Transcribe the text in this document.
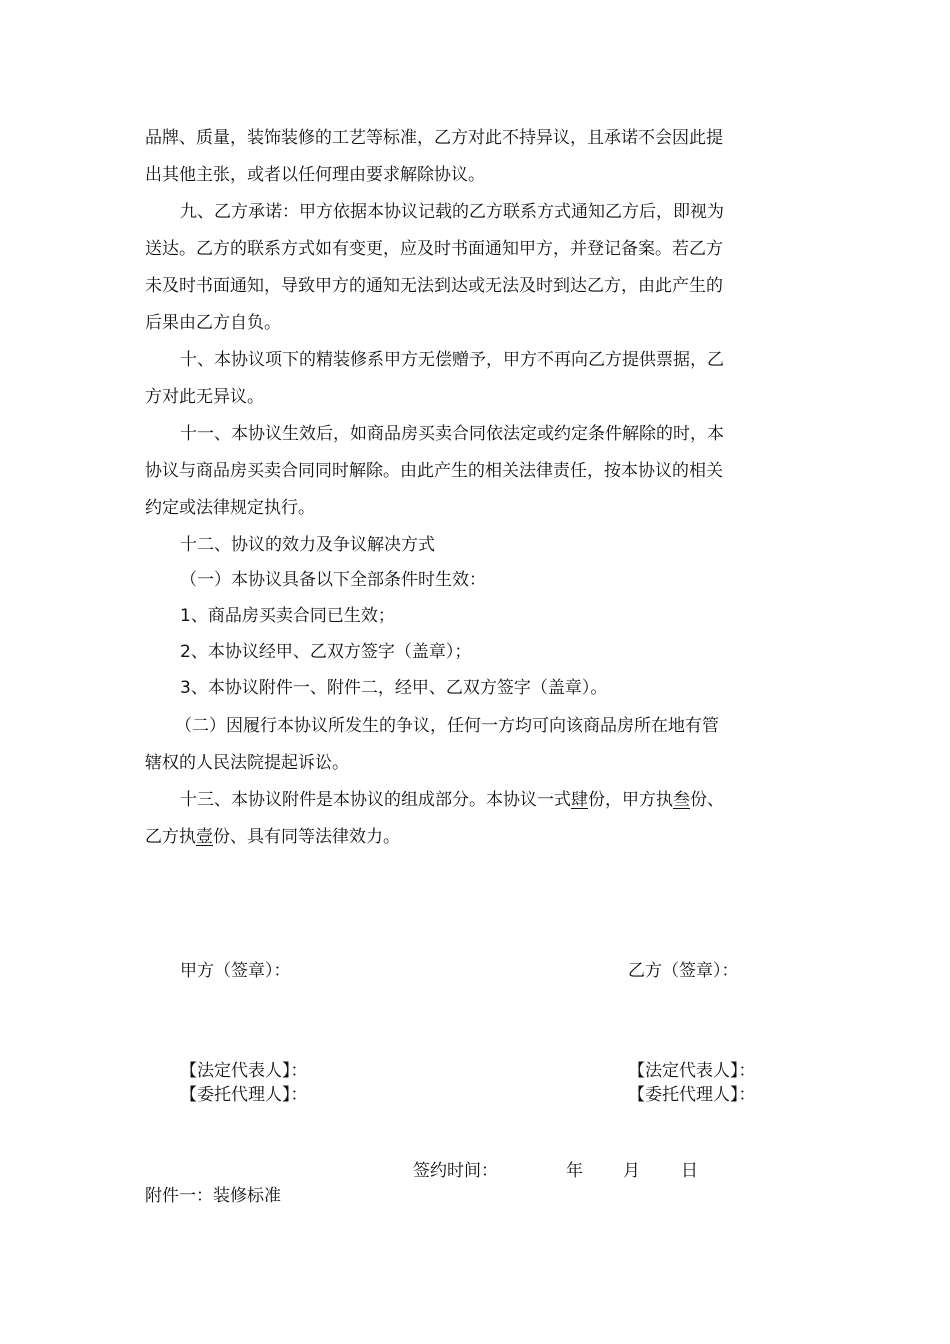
品牌、质量，装饰装修的工艺等标准，乙方对此不持异议，且承诺不会因此提
出其他主张，或者以任何理由要求解除协议。
九、乙方承诺：甲方依据本协议记载的乙方联系方式通知乙方后，即视为
送达。乙方的联系方式如有变更，应及时书面通知甲方，并登记备案。若乙方
未及时书面通知，导致甲方的通知无法到达或无法及时到达乙方，由此产生的
后果由乙方自负。
十、本协议项下的精装修系甲方无偿赠予，甲方不再向乙方提供票据，乙
方对此无异议。
十一、本协议生效后，如商品房买卖合同依法定或约定条件解除的时，本
协议与商品房买卖合同同时解除。由此产生的相关法律责任，按本协议的相关
约定或法律规定执行。
十二、协议的效力及争议解决方式
（一）本协议具备以下全部条件时生效：
1、商品房买卖合同已生效；
2、本协议经甲、乙双方签字（盖章）；
3、本协议附件一、附件二，经甲、乙双方签字（盖章）。
（二）因履行本协议所发生的争议，任何一方均可向该商品房所在地有管
辖权的人民法院提起诉讼。
十三、本协议附件是本协议的组成部分。本协议一式肆份，甲方执叁份、
乙方执壹份、具有同等法律效力。
甲方（签章）：	乙方（签章）：
【法定代表人】：
【委托代理人】：
【法定代表人】：
【委托代理人】：
签约时间：	年 月 日
附件一：装修标准
